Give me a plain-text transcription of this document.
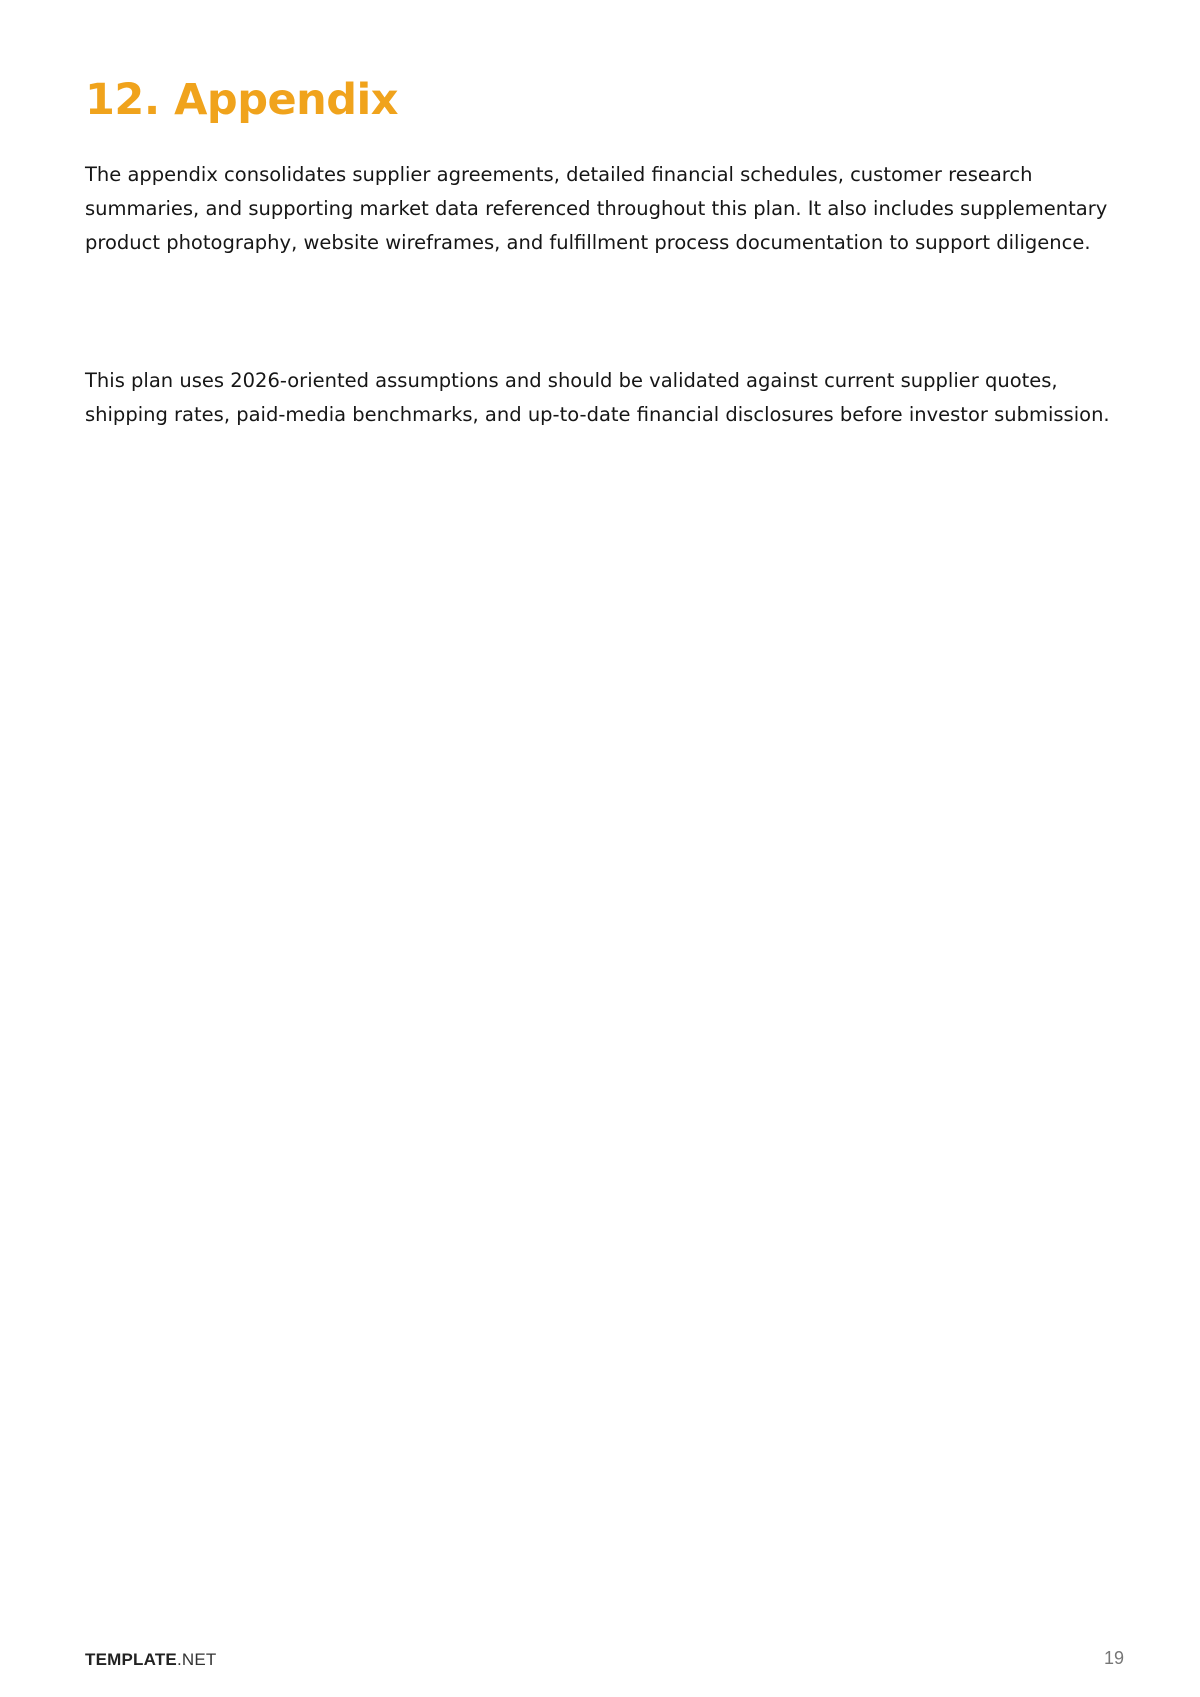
12. Appendix

The appendix consolidates supplier agreements, detailed financial schedules, customer research summaries, and supporting market data referenced throughout this plan. It also includes supplementary product photography, website wireframes, and fulfillment process documentation to support diligence.

This plan uses 2026-oriented assumptions and should be validated against current supplier quotes, shipping rates, paid-media benchmarks, and up-to-date financial disclosures before investor submission.

TEMPLATE.NET	19
